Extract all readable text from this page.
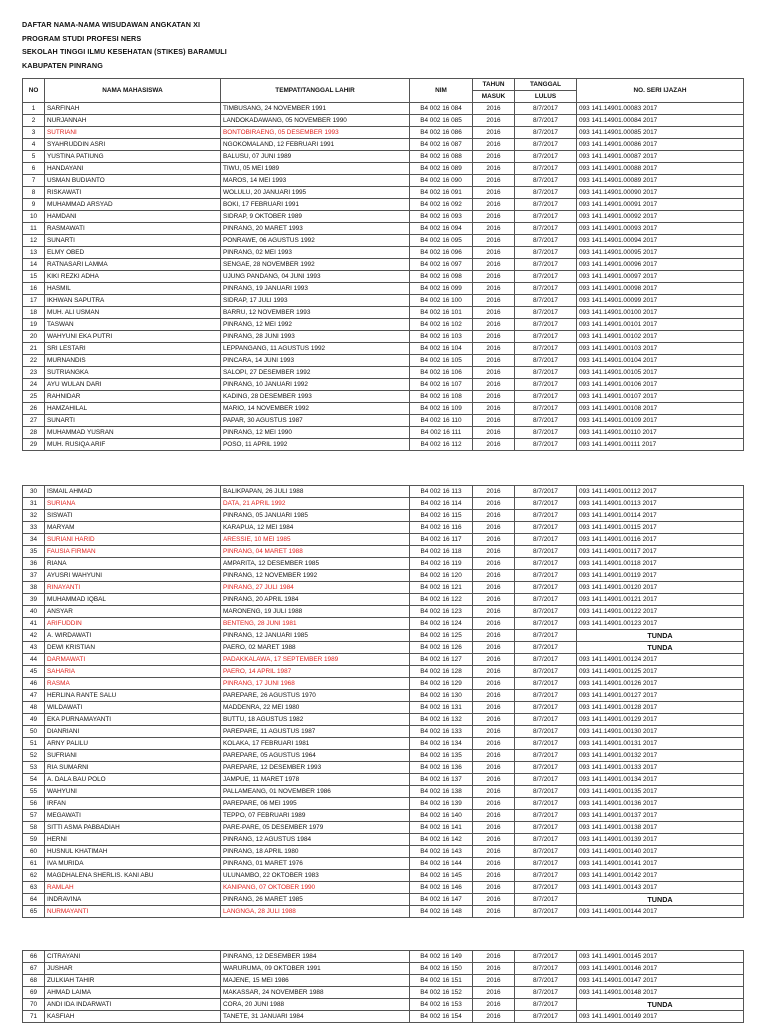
DAFTAR NAMA-NAMA WISUDAWAN ANGKATAN XI
PROGRAM STUDI PROFESI NERS
SEKOLAH TINGGI ILMU KESEHATAN (STIKES) BARAMULI
KABUPATEN PINRANG
NO	NAMA MAHASISWA	TEMPAT/TANGGAL LAHIR	NIM	TAHUN	TANGGAL	NO. SERI IJAZAH
				MASUK	LULUS	
1	SARFINAH	TIMBUSANG, 24 NOVEMBER 1991	B4 002 16 084	2016	8/7/2017	093 141.14901.00083 2017
2	NURJANNAH	LANDOKADAWANG, 05 NOVEMBER 1990	B4 002 16 085	2016	8/7/2017	093 141.14901.00084 2017
3	SUTRIANI	BONTOBIRAENG, 05 DESEMBER 1993	B4 002 16 086	2016	8/7/2017	093 141.14901.00085 2017
4	SYAHRUDDIN ASRI	NGOKOMALAND, 12 FEBRUARI 1991	B4 002 16 087	2016	8/7/2017	093 141.14901.00086 2017
5	YUSTINA PATIUNG	BALUSU, 07 JUNI 1989	B4 002 16 088	2016	8/7/2017	093 141.14901.00087 2017
6	HANDAYANI	TIWU, 05 MEI 1989	B4 002 16 089	2016	8/7/2017	093 141.14901.00088 2017
7	USMAN BUDIANTO	MAROS, 14 MEI 1993	B4 002 16 090	2016	8/7/2017	093 141.14901.00089 2017
8	RISKAWATI	WOLULU, 20 JANUARI 1995	B4 002 16 091	2016	8/7/2017	093 141.14901.00090 2017
9	MUHAMMAD ARSYAD	BOKI, 17 FEBRUARI 1991	B4 002 16 092	2016	8/7/2017	093 141.14901.00091 2017
10	HAMDANI	SIDRAP, 9 OKTOBER 1989	B4 002 16 093	2016	8/7/2017	093 141.14901.00092 2017
11	RASMAWATI	PINRANG, 20 MARET 1993	B4 002 16 094	2016	8/7/2017	093 141.14901.00093 2017
12	SUNARTI	PONRAWE, 06 AGUSTUS 1992	B4 002 16 095	2016	8/7/2017	093 141.14901.00094 2017
13	ELMY OBED	PINRANG, 02 MEI 1993	B4 002 16 096	2016	8/7/2017	093 141.14901.00095 2017
14	RATNASARI LAMMA	SENGAE, 28 NOVEMBER 1992	B4 002 16 097	2016	8/7/2017	093 141.14901.00096 2017
15	KIKI REZKI ADHA	UJUNG PANDANG, 04 JUNI 1993	B4 002 16 098	2016	8/7/2017	093 141.14901.00097 2017
16	HASMIL	PINRANG, 19 JANUARI 1993	B4 002 16 099	2016	8/7/2017	093 141.14901.00098 2017
17	IKHWAN SAPUTRA	SIDRAP, 17 JULI 1993	B4 002 16 100	2016	8/7/2017	093 141.14901.00099 2017
18	MUH. ALI USMAN	BARRU, 12 NOVEMBER 1993	B4 002 16 101	2016	8/7/2017	093 141.14901.00100 2017
19	TASWAN	PINRANG, 12 MEI 1992	B4 002 16 102	2016	8/7/2017	093 141.14901.00101 2017
20	WAHYUNI EKA PUTRI	PINRANG, 28 JUNI 1993	B4 002 16 103	2016	8/7/2017	093 141.14901.00102 2017
21	SRI LESTARI	LEPPANGANG, 11 AGUSTUS 1992	B4 002 16 104	2016	8/7/2017	093 141.14901.00103 2017
22	MURNANDIS	PINCARA, 14 JUNI 1993	B4 002 16 105	2016	8/7/2017	093 141.14901.00104 2017
23	SUTRIANGKA	SALOPI, 27 DESEMBER 1992	B4 002 16 106	2016	8/7/2017	093 141.14901.00105 2017
24	AYU WULAN DARI	PINRANG, 10 JANUARI 1992	B4 002 16 107	2016	8/7/2017	093 141.14901.00106 2017
25	RAHNIDAR	KADING, 28 DESEMBER 1993	B4 002 16 108	2016	8/7/2017	093 141.14901.00107 2017
26	HAMZAHILAL	MARIO, 14 NOVEMBER 1992	B4 002 16 109	2016	8/7/2017	093 141.14901.00108 2017
27	SUNARTI	PAPAR, 30 AGUSTUS 1987	B4 002 16 110	2016	8/7/2017	093 141.14901.00109 2017
28	MUHAMMAD YUSRAN	PINRANG, 12 MEI 1990	B4 002 16 111	2016	8/7/2017	093 141.14901.00110 2017
29	MUH. RUSIQA ARIF	POSO, 11 APRIL 1992	B4 002 16 112	2016	8/7/2017	093 141.14901.00111 2017
30	ISMAIL AHMAD	BALIKPAPAN, 26 JULI 1988	B4 002 16 113	2016	8/7/2017	093 141.14901.00112 2017
31	SURIANA	DATA, 21 APRIL 1992	B4 002 16 114	2016	8/7/2017	093 141.14901.00113 2017
32	SISWATI	PINRANG, 05 JANUARI 1985	B4 002 16 115	2016	8/7/2017	093 141.14901.00114 2017
33	MARYAM	KARAPUA, 12 MEI 1984	B4 002 16 116	2016	8/7/2017	093 141.14901.00115 2017
34	SURIANI HARID	ARESSIE, 10 MEI 1985	B4 002 16 117	2016	8/7/2017	093 141.14901.00116 2017
35	FAUSIA FIRMAN	PINRANG, 04 MARET 1988	B4 002 16 118	2016	8/7/2017	093 141.14901.00117 2017
36	RIANA	AMPARITA, 12 DESEMBER 1985	B4 002 16 119	2016	8/7/2017	093 141.14901.00118 2017
37	AYUSRI WAHYUNI	PINRANG, 12 NOVEMBER 1992	B4 002 16 120	2016	8/7/2017	093 141.14901.00119 2017
38	RINAYANTI	PINRANG, 27 JULI 1984	B4 002 16 121	2016	8/7/2017	093 141.14901.00120 2017
39	MUHAMMAD IQBAL	PINRANG, 20 APRIL 1984	B4 002 16 122	2016	8/7/2017	093 141.14901.00121 2017
40	ANSYAR	MARONENG, 19 JULI 1988	B4 002 16 123	2016	8/7/2017	093 141.14901.00122 2017
41	ARIFUDDIN	BENTENG, 28 JUNI 1981	B4 002 16 124	2016	8/7/2017	093 141.14901.00123 2017
42	A. WIRDAWATI	PINRANG, 12 JANUARI 1985	B4 002 16 125	2016	8/7/2017	TUNDA
43	DEWI KRISTIAN	PAERO, 02 MARET 1988	B4 002 16 126	2016	8/7/2017	TUNDA
44	DARMAWATI	PADAKKALAWA, 17 SEPTEMBER 1989	B4 002 16 127	2016	8/7/2017	093 141.14901.00124 2017
45	SAHARIA	PAERO, 14 APRIL 1987	B4 002 16 128	2016	8/7/2017	093 141.14901.00125 2017
46	RASMA	PINRANG, 17 JUNI 1968	B4 002 16 129	2016	8/7/2017	093 141.14901.00126 2017
47	HERLINA RANTE SALU	PAREPARE, 26 AGUSTUS 1970	B4 002 16 130	2016	8/7/2017	093 141.14901.00127 2017
48	WILDAWATI	MADDENRA, 22 MEI 1980	B4 002 16 131	2016	8/7/2017	093 141.14901.00128 2017
49	EKA PURNAMAYANTI	BUTTU, 18 AGUSTUS 1982	B4 002 16 132	2016	8/7/2017	093 141.14901.00129 2017
50	DIANRIANI	PAREPARE, 11 AGUSTUS 1987	B4 002 16 133	2016	8/7/2017	093 141.14901.00130 2017
51	ARNY PALILU	KOLAKA, 17 FEBRUARI 1981	B4 002 16 134	2016	8/7/2017	093 141.14901.00131 2017
52	SUFRIANI	PAREPARE, 05 AGUSTUS 1964	B4 002 16 135	2016	8/7/2017	093 141.14901.00132 2017
53	RIA SUMARNI	PAREPARE, 12 DESEMBER 1993	B4 002 16 136	2016	8/7/2017	093 141.14901.00133 2017
54	A. DALA BAU POLO	JAMPUE, 11 MARET 1978	B4 002 16 137	2016	8/7/2017	093 141.14901.00134 2017
55	WAHYUNI	PALLAMEANG, 01 NOVEMBER 1986	B4 002 16 138	2016	8/7/2017	093 141.14901.00135 2017
56	IRFAN	PAREPARE, 06 MEI 1995	B4 002 16 139	2016	8/7/2017	093 141.14901.00136 2017
57	MEGAWATI	TEPPO, 07 FEBRUARI 1989	B4 002 16 140	2016	8/7/2017	093 141.14901.00137 2017
58	SITTI ASMA PABBADIAH	PARE-PARE, 05 DESEMBER 1979	B4 002 16 141	2016	8/7/2017	093 141.14901.00138 2017
59	HERNI	PINRANG, 12 AGUSTUS 1984	B4 002 16 142	2016	8/7/2017	093 141.14901.00139 2017
60	HUSNUL KHATIMAH	PINRANG, 18 APRIL 1980	B4 002 16 143	2016	8/7/2017	093 141.14901.00140 2017
61	IVA MURIDA	PINRANG, 01 MARET 1976	B4 002 16 144	2016	8/7/2017	093 141.14901.00141 2017
62	MAGDHALENA SHERLIS. KANI ABU	ULUNAMBO, 22 OKTOBER 1983	B4 002 16 145	2016	8/7/2017	093 141.14901.00142 2017
63	RAMLAH	KANIPANG, 07 OKTOBER 1990	B4 002 16 146	2016	8/7/2017	093 141.14901.00143 2017
64	INDRAVINA	PINRANG, 26 MARET 1985	B4 002 16 147	2016	8/7/2017	TUNDA
65	NURMAYANTI	LANGNGA, 28 JULI 1988	B4 002 16 148	2016	8/7/2017	093 141.14901.00144 2017
66	CITRAYANI	PINRANG, 12 DESEMBER 1984	B4 002 16 149	2016	8/7/2017	093 141.14901.00145 2017
67	JUSHAR	WARURUMA, 09 OKTOBER 1991	B4 002 16 150	2016	8/7/2017	093 141.14901.00146 2017
68	ZULKIAH TAHIR	MAJENE, 15 MEI 1986	B4 002 16 151	2016	8/7/2017	093 141.14901.00147 2017
69	AHMAD LAIMA	MAKASSAR, 24 NOVEMBER 1988	B4 002 16 152	2016	8/7/2017	093 141.14901.00148 2017
70	ANDI IDA INDARWATI	CORA, 20 JUNI 1988	B4 002 16 153	2016	8/7/2017	TUNDA
71	KASFIAH	TANETE, 31 JANUARI 1984	B4 002 16 154	2016	8/7/2017	093 141.14901.00149 2017
